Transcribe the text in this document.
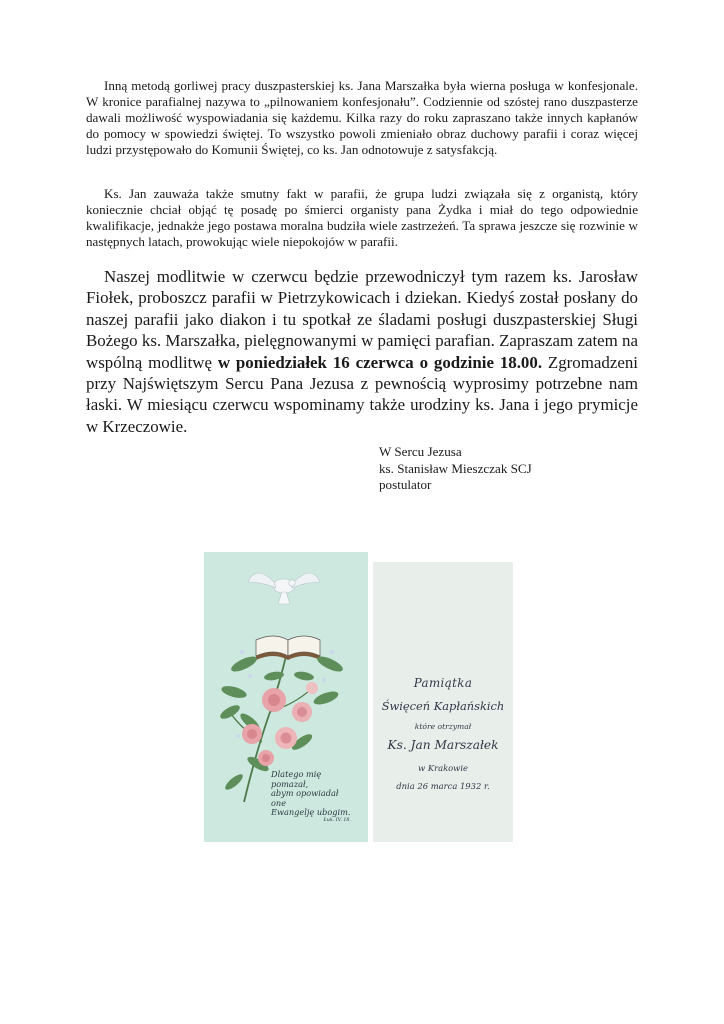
Inną metodą gorliwej pracy duszpasterskiej ks. Jana Marszałka była wierna posługa w konfesjonale. W kronice parafialnej nazywa to „pilnowaniem konfesjonału”. Codziennie od szóstej rano duszpasterze dawali możliwość wyspowiadania się każdemu. Kilka razy do roku zapraszano także innych kapłanów do pomocy w spowiedzi świętej. To wszystko powoli zmieniało obraz duchowy parafii i coraz więcej ludzi przystępowało do Komunii Świętej, co ks. Jan odnotowuje z satysfakcją.

Ks. Jan zauważa także smutny fakt w parafii, że grupa ludzi związała się z organistą, który koniecznie chciał objąć tę posadę po śmierci organisty pana Żydka i miał do tego odpowiednie kwalifikacje, jednakże jego postawa moralna budziła wiele zastrzeżeń. Ta sprawa jeszcze się rozwinie w następnych latach, prowokując wiele niepokojów w parafii.

Naszej modlitwie w czerwcu będzie przewodniczył tym razem ks. Jarosław Fiołek, proboszcz parafii w Pietrzykowicach i dziekan. Kiedyś został posłany do naszej parafii jako diakon i tu spotkał ze śladami posługi duszpasterskiej Sługi Bożego ks. Marszałka, pielęgnowanymi w pamięci parafian. Zapraszam zatem na wspólną modlitwę w poniedziałek 16 czerwca o godzinie 18.00. Zgromadzeni przy Najświętszym Sercu Pana Jezusa z pewnością wyprosimy potrzebne nam łaski. W miesiącu czerwcu wspominamy także urodziny ks. Jana i jego prymicje w Krzeczowie.

W Sercu Jezusa
ks. Stanisław Mieszczak SCJ
postulator
Dlatego mię pomazał,
abym opowiadał one
Ewangelję ubogim.
Łuk. IV. 18.
Pamiątka
Święceń Kapłańskich
które otrzymał
Ks. Jan Marszałek
w Krakowie
dnia 26 marca 1932 r.
